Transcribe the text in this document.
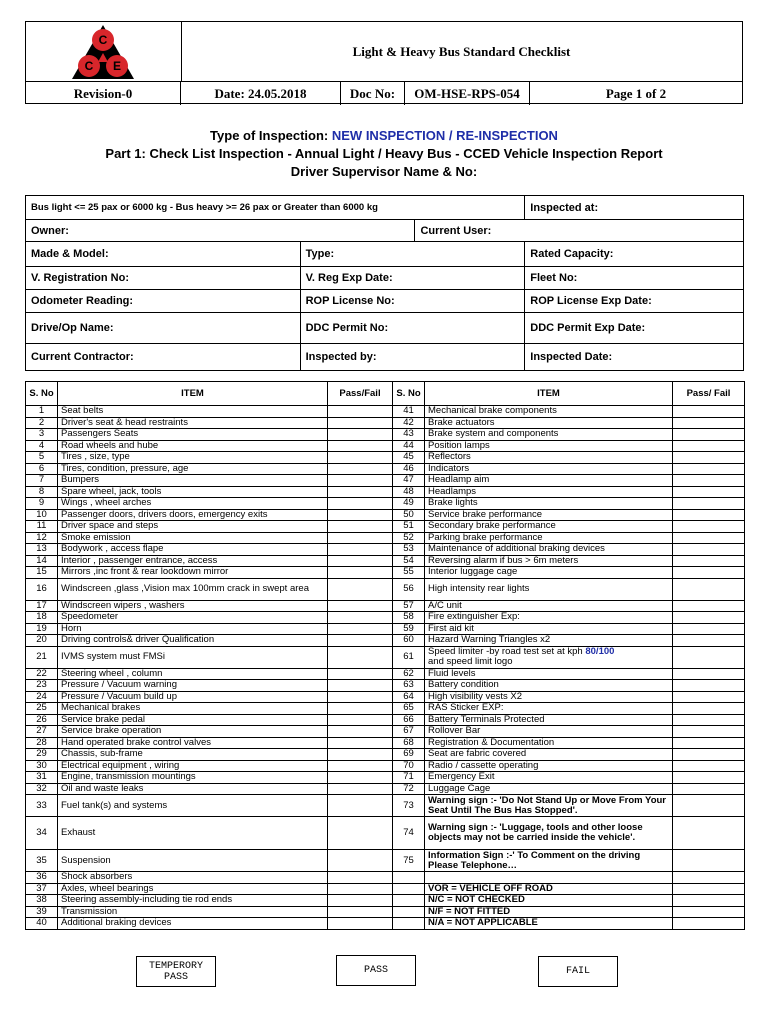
C
C E
Light & Heavy Bus Standard Checklist
Revision-0	Date: 24.05.2018	Doc No:	OM-HSE-RPS-054	Page 1 of 2
Type of Inspection: NEW INSPECTION / RE-INSPECTION
Part 1: Check List Inspection - Annual Light / Heavy Bus - CCED Vehicle Inspection Report
Driver Supervisor Name & No:
Bus light <= 25 pax or 6000 kg - Bus heavy >= 26 pax or Greater than 6000 kg			Inspected at:
Owner:		Current User:	
Made & Model:	Type:		Rated Capacity:
V. Registration No:	V. Reg Exp Date:		Fleet No:
Odometer Reading:	ROP License No:		ROP License Exp Date:
Drive/Op Name:	DDC Permit No:		DDC Permit Exp Date:
Current Contractor:	Inspected by:		Inspected Date:
S. No	ITEM	Pass/Fail	S. No	ITEM	Pass/ Fail
1	Seat belts		41	Mechanical brake components	
2	Driver's seat & head restraints		42	Brake actuators	
3	Passengers Seats		43	Brake system and components	
4	Road wheels and hube		44	Position lamps	
5	Tires , size, type		45	Reflectors	
6	Tires, condition, pressure, age		46	Indicators	
7	Bumpers		47	Headlamp aim	
8	Spare wheel, jack, tools		48	Headlamps	
9	Wings , wheel arches		49	Brake lights	
10	Passenger doors, drivers doors, emergency exits		50	Service brake performance	
11	Driver space and steps		51	Secondary brake performance	
12	Smoke emission		52	Parking brake performance	
13	Bodywork , access flape		53	Maintenance of additional braking devices	
14	Interior , passenger entrance, access		54	Reversing alarm if bus > 6m meters	
15	Mirrors ,inc front & rear lookdown mirror		55	Interior luggage cage	
16	Windscreen ,glass ,Vision max 100mm crack in swept area		56	High intensity rear lights	
17	Windscreen wipers , washers		57	A/C unit	
18	Speedometer		58	Fire extinguisher Exp:	
19	Horn		59	First aid kit	
20	Driving controls& driver Qualification		60	Hazard Warning Triangles x2	
21	IVMS system must FMSi		61	Speed limiter -by road test set at kph 80/100
and speed limit logo	
22	Steering wheel , column		62	Fluid levels	
23	Pressure / Vacuum warning		63	Battery condition	
24	Pressure / Vacuum build up		64	High visibility vests X2	
25	Mechanical brakes		65	RAS Sticker EXP:	
26	Service brake pedal		66	Battery Terminals Protected	
27	Service brake operation		67	Rollover Bar	
28	Hand operated brake control valves		68	Registration & Documentation	
29	Chassis, sub-frame		69	Seat are fabric covered	
30	Electrical equipment , wiring		70	Radio / cassette operating	
31	Engine, transmission mountings		71	Emergency Exit	
32	Oil and waste leaks		72	Luggage Cage	
33	Fuel tank(s) and systems		73	Warning sign :- 'Do Not Stand Up or Move From Your Seat Until The Bus Has Stopped'.	
34	Exhaust		74	Warning sign :- 'Luggage, tools and other loose objects may not be carried inside the vehicle'.	
35	Suspension		75	Information Sign :-' To Comment on the driving Please Telephone…	
36	Shock absorbers				
37	Axles, wheel bearings			VOR = VEHICLE OFF ROAD	
38	Steering assembly-including tie rod ends			N/C = NOT CHECKED	
39	Transmission			N/F = NOT FITTED	
40	Additional braking devices			N/A = NOT APPLICABLE	
TEMPERORY PASS
PASS	FAIL
